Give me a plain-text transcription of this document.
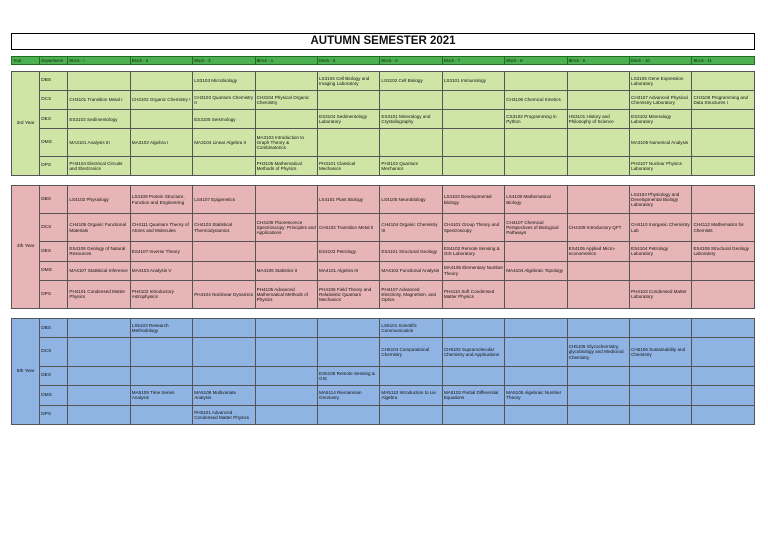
AUTUMN SEMESTER 2021
Year	Department	Block - I	Block - II	Block - 3	Block - 4	Block - 5	Block - 6	Block - 7	Block - 8	Block - 9	Block - 10	Block - 11
3rd Year	DBS			LS3103 Microbiology		LS3104 Cell Biology and Imaging Laboratory	LS3102 Cell Biology	LS3101 Immunology			LS3105 Gene Expression Laboratory	
	DCS	CH3101 Transition Metal I	CH3102 Organic Chemistry I	CH3103 Quantum Chemistry II	CH3104 Physical Organic Chemistry				CH3106 Chemical Kinetics		CH3107 Advanced Physical Chemistry Laboratory	CH3108 Programming and Data Structures I
	DES	ES3103 Sedimentology		ES3105 Seismology		ES3104 Sedimentology Laboratory	ES3101 Mineralogy and Crystallography		CS3102 Programming in Python	HS3101 History and Philosophy of Science	ES3102 Mineralogy Laboratory	
	DMS	MA3101 Analysis III	MA3102 Algebra I	MA3104 Linear Algebra II	MA3103 Introduction to Graph Theory & Combinatorics						MA3105 Numerical Analysis	
	DPS	PH3104 Electrical Circuits and Electronics			PH3105 Mathematical Methods of Physics	PH3101 Classical Mechanics	PH3102 Quantum Mechanics				PH3107 Nuclear Physics Laboratory	
4th Year	DBS	LS4102 Physiology	LS4109 Protein Structure, Function and Engineering	LS4107 Epigenetics		LS4101 Plant Biology	LS4105 Neurobiology	LS4103 Developmental Biology	LS4108 Mathematical Biology		LS4104 Physiology and Developmental Biology Laboratory	
	DCS	CH4105 Organic Functional Materials	CH4111 Quantum Theory of Atoms and Molecules	CH4103 Statistical Thermodynamics	CH4108 Fluorescence Spectroscopy: Principles and Applications	CH4102 Transition Metal II	CH4104 Organic Chemistry III	CH4101 Group Theory and Spectroscopy	CH4107 Chemical Perspectives of Biological Pathways	CH4109 Introductory QFT	CH4110 Inorganic Chemistry Lab	CH4112 Mathematics for Chemists
	DES	ES4106 Geology of Natural Resources	ES4107 Inverse Theory			ES4103 Petrology	ES4101 Structural Geology	ES4102 Remote Sensing & GIS Laboratory		ES4105 Applied Micro-econometrics	ES4104 Petrology Laboratory	ES4108 Structural Geology Laboratory
	DMS	MA4107 Statistical Inference	MA4103 Analysis V		MA4106 Statistics II	MA4101 Algebra III	MA4102 Functional Analysis	MA4105 Elementary Number Theory	MA4104 Algebraic Topology			
	DPS	PH4101 Condensed Matter Physics	PH4102 Introductory Astrophysics	PH4104 Nonlinear Dynamics	PH4105 Advanced Mathematical Methods of Physics	PH4106 Field Theory and Relativistic Quantum Mechanics	PH4107 Advanced Electricity, Magnetism, and Optics	PH4110 Soft Condensed Matter Physics			PH4103 Condensed Matter Laboratory	
5th Year	DBS		LS5103 Research Methodology				LS5101 Scientific Communication					
	DCS						CH5104 Computational Chemistry	CH5102 Supramolecular Chemistry and Applications		CH5105 Glycochemistry, glycobiology and Medicinal Chemistry	CH5106 Sustainability and Chemistry	
	DES					ES5105 Remote Sensing & GIS						
	DMS		MA5109 Time Series Analysis	MA5108 Multivariate Analysis		MA5114 Riemannian Geometry	MA5110 Introduction to Lie Algebra	MA5102 Partial Differential Equations	MA5105 Algebraic Number Theory			
	DPS			PH5101 Advanced Condensed Matter Physics								
